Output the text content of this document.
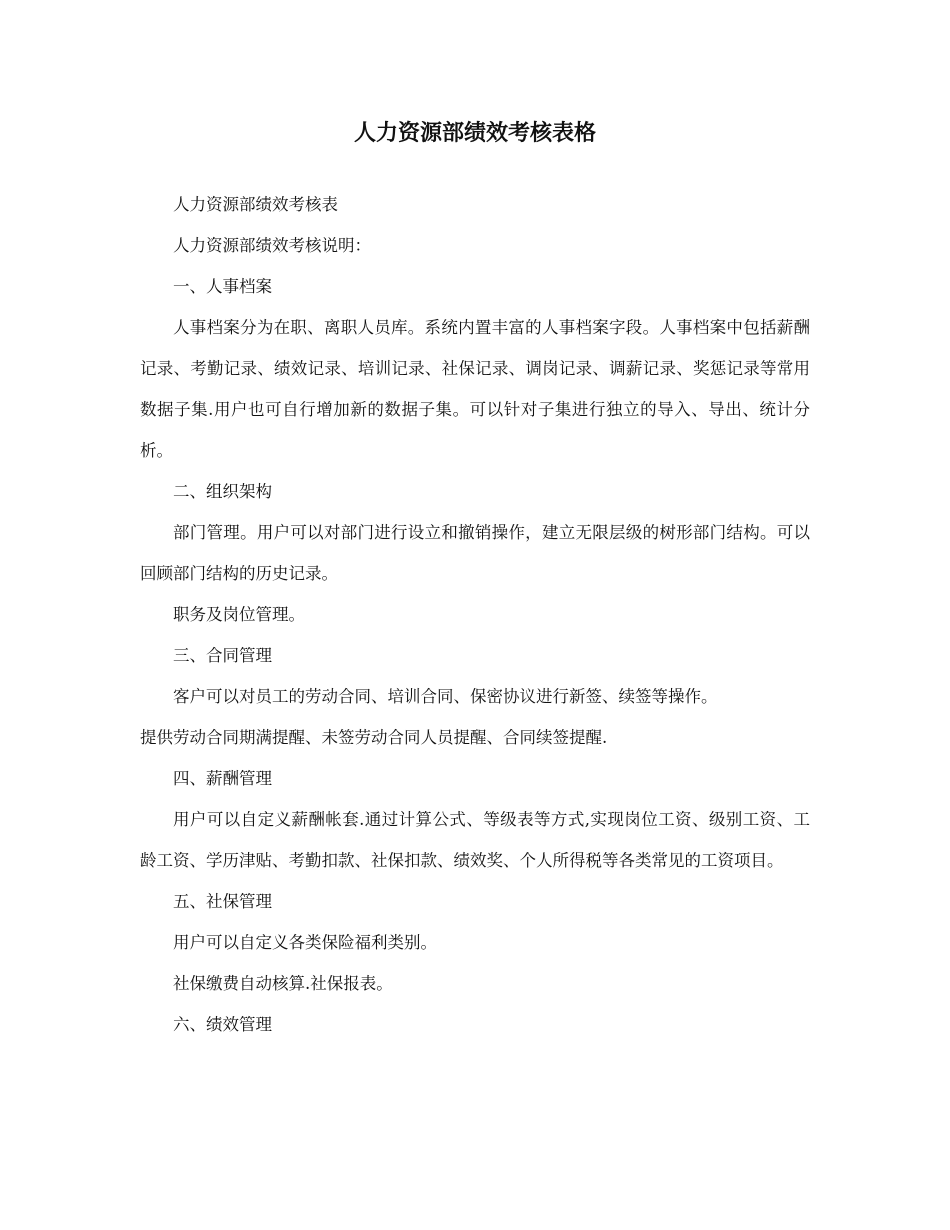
人力资源部绩效考核表格

人力资源部绩效考核表

人力资源部绩效考核说明：

一、人事档案

人事档案分为在职、离职人员库。系统内置丰富的人事档案字段。人事档案中包括薪酬记录、考勤记录、绩效记录、培训记录、社保记录、调岗记录、调薪记录、奖惩记录等常用数据子集.用户也可自行增加新的数据子集。可以针对子集进行独立的导入、导出、统计分析。

二、组织架构

部门管理。用户可以对部门进行设立和撤销操作，建立无限层级的树形部门结构。可以回顾部门结构的历史记录。

职务及岗位管理。

三、合同管理

客户可以对员工的劳动合同、培训合同、保密协议进行新签、续签等操作。

提供劳动合同期满提醒、未签劳动合同人员提醒、合同续签提醒.

四、薪酬管理

用户可以自定义薪酬帐套.通过计算公式、等级表等方式,实现岗位工资、级别工资、工龄工资、学历津贴、考勤扣款、社保扣款、绩效奖、个人所得税等各类常见的工资项目。

五、社保管理

用户可以自定义各类保险福利类别。

社保缴费自动核算.社保报表。

六、绩效管理
